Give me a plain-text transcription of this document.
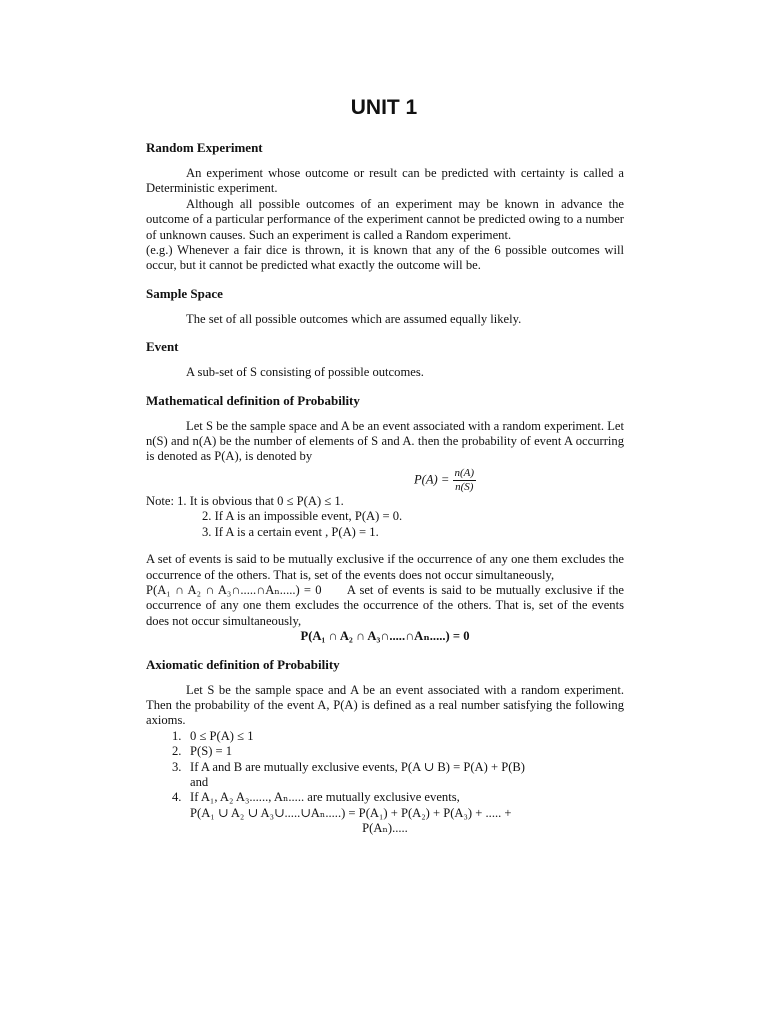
UNIT 1
Random Experiment

An experiment whose outcome or result can be predicted with certainty is called a Deterministic experiment.

Although all possible outcomes of an experiment may be known in advance the outcome of a particular performance of the experiment cannot be predicted owing to a number of unknown causes. Such an experiment is called a Random experiment.

(e.g.) Whenever a fair dice is thrown, it is known that any of the 6 possible outcomes will occur, but it cannot be predicted what exactly the outcome will be.

Sample Space

The set of all possible outcomes which are assumed equally likely.

Event

A sub-set of S consisting of possible outcomes.

Mathematical definition of Probability

Let S be the sample space and A be an event associated with a random experiment. Let n(S) and n(A) be the number of elements of S and A. then the probability of event A occurring is denoted as P(A), is denoted by

$P(A) = \frac{n(A)}{n(S)}$

Note: 1. It is obvious that 0 ≤ P(A) ≤ 1.

2. If A is an impossible event, P(A) = 0.

3. If A is a certain event , P(A) = 1.

A set of events is said to be mutually exclusive if the occurrence of any one them excludes the occurrence of the others. That is, set of the events does not occur simultaneously,

P(A₁ ∩ A₂ ∩ A₃∩.....∩Aₙ.....) = 0 A set of events is said to be mutually exclusive if the occurrence of any one them excludes the occurrence of the others. That is, set of the events does not occur simultaneously,

P(A₁ ∩ A₂ ∩ A₃∩.....∩Aₙ.....) = 0

Axiomatic definition of Probability

Let S be the sample space and A be an event associated with a random experiment. Then the probability of the event A, P(A) is defined as a real number satisfying the following axioms.

1. 0 ≤ P(A) ≤ 1
2. P(S) = 1
3. If A and B are mutually exclusive events, P(A ∪ B) = P(A) + P(B)
and
4. If A₁, A₂ A₃......, Aₙ..... are mutually exclusive events,

P(A₁ ∪ A₂ ∪ A₃∪.....∪Aₙ.....) = P(A₁) + P(A₂) + P(A₃) + ..... +

P(Aₙ).....
